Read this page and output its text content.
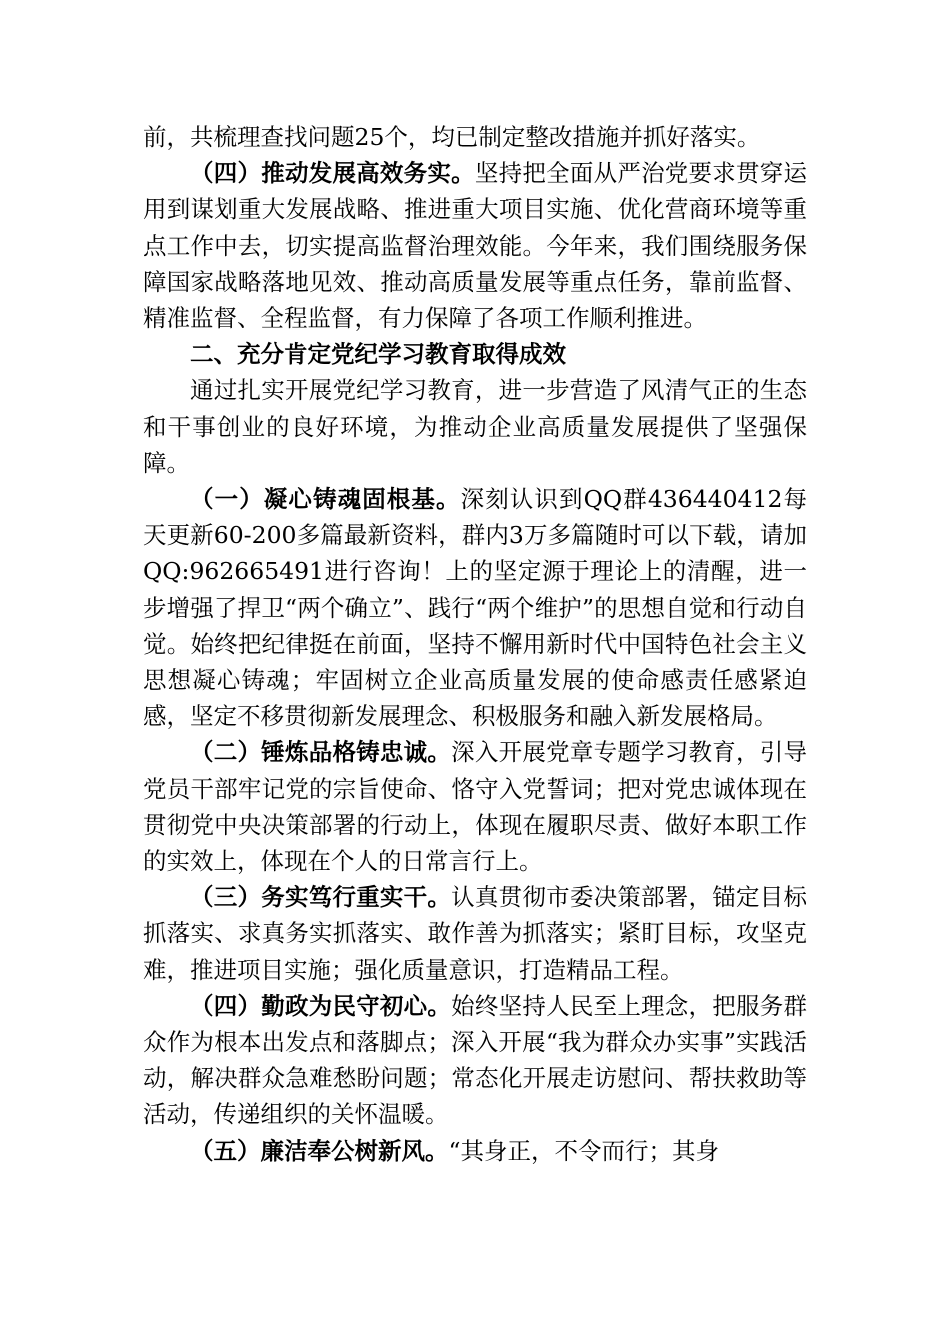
前，共梳理查找问题25个，均已制定整改措施并抓好落实。

（四）推动发展高效务实。坚持把全面从严治党要求贯穿运用到谋划重大发展战略、推进重大项目实施、优化营商环境等重点工作中去，切实提高监督治理效能。今年来，我们围绕服务保障国家战略落地见效、推动高质量发展等重点任务，靠前监督、精准监督、全程监督，有力保障了各项工作顺利推进。

二、充分肯定党纪学习教育取得成效

通过扎实开展党纪学习教育，进一步营造了风清气正的生态和干事创业的良好环境，为推动企业高质量发展提供了坚强保障。

（一）凝心铸魂固根基。深刻认识到QQ群436440412每天更新60-200多篇最新资料，群内3万多篇随时可以下载，请加QQ:962665491进行咨询！上的坚定源于理论上的清醒，进一步增强了捍卫“两个确立”、践行“两个维护”的思想自觉和行动自觉。始终把纪律挺在前面，坚持不懈用新时代中国特色社会主义思想凝心铸魂；牢固树立企业高质量发展的使命感责任感紧迫感，坚定不移贯彻新发展理念、积极服务和融入新发展格局。

（二）锤炼品格铸忠诚。深入开展党章专题学习教育，引导党员干部牢记党的宗旨使命、恪守入党誓词；把对党忠诚体现在贯彻党中央决策部署的行动上，体现在履职尽责、做好本职工作的实效上，体现在个人的日常言行上。

（三）务实笃行重实干。认真贯彻市委决策部署，锚定目标抓落实、求真务实抓落实、敢作善为抓落实；紧盯目标，攻坚克难，推进项目实施；强化质量意识，打造精品工程。

（四）勤政为民守初心。始终坚持人民至上理念，把服务群众作为根本出发点和落脚点；深入开展“我为群众办实事”实践活动，解决群众急难愁盼问题；常态化开展走访慰问、帮扶救助等活动，传递组织的关怀温暖。

（五）廉洁奉公树新风。“其身正，不令而行；其身
